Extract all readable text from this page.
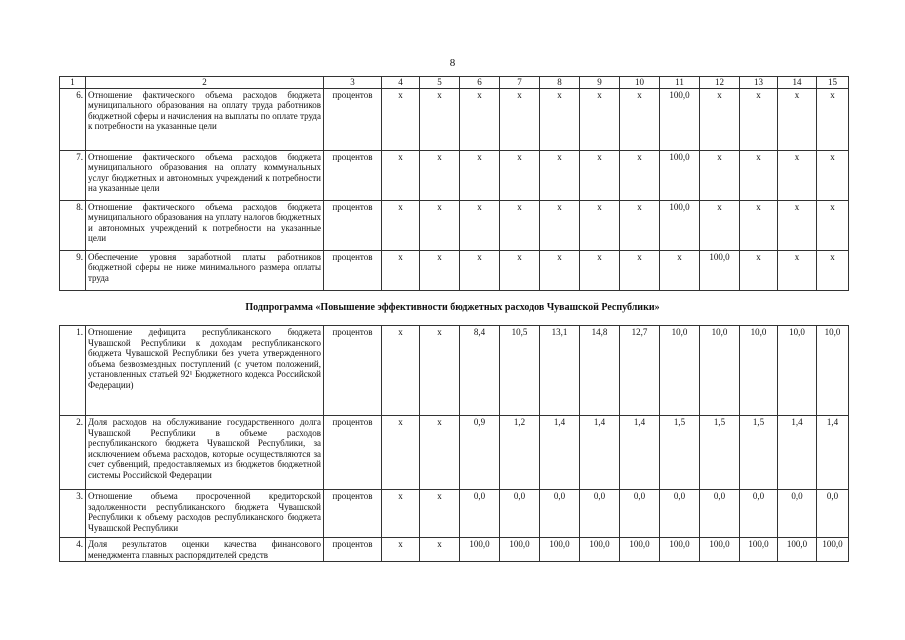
8
1	2	3	4	5	6	7	8	9	10	11	12	13	14	15
6.	Отношение фактического объема расходов бюджета муниципального образования на оплату труда работников бюджетной сферы и начисления на выплаты по оплате труда к потребности на указанные цели	процентов	x	x	x	x	x	x	x	100,0	x	x	x	x
7.	Отношение фактического объема расходов бюджета муниципального образования на оплату коммунальных услуг бюджетных и автономных учреждений к потребности на указанные цели	процентов	x	x	x	x	x	x	x	100,0	x	x	x	x
8.	Отношение фактического объема расходов бюджета муниципального образования на уплату налогов бюджетных и автономных учреждений к потребности на указанные цели	процентов	x	x	x	x	x	x	x	100,0	x	x	x	x
9.	Обеспечение уровня заработной платы работников бюджетной сферы не ниже минимального размера оплаты труда	процентов	x	x	x	x	x	x	x	x	100,0	x	x	x
Подпрограмма «Повышение эффективности бюджетных расходов Чувашской Республики»
1.	Отношение дефицита республиканского бюджета Чувашской Республики к доходам республиканского бюджета Чувашской Республики без учета утвержденного объема безвозмездных поступлений (с учетом положений, установленных статьей 92¹ Бюджетного кодекса Российской Федерации)	процентов	x	x	8,4	10,5	13,1	14,8	12,7	10,0	10,0	10,0	10,0	10,0
2.	Доля расходов на обслуживание государственного долга Чувашской Республики в объеме расходов республиканского бюджета Чувашской Республики, за исключением объема расходов, которые осуществляются за счет субвенций, предоставляемых из бюджетов бюджетной системы Российской Федерации	процентов	x	x	0,9	1,2	1,4	1,4	1,4	1,5	1,5	1,5	1,4	1,4
3.	Отношение объема просроченной кредиторской задолженности республиканского бюджета Чувашской Республики к объему расходов республиканского бюджета Чувашской Республики	процентов	x	x	0,0	0,0	0,0	0,0	0,0	0,0	0,0	0,0	0,0	0,0
4.	Доля результатов оценки качества финансового менеджмента главных распорядителей средств	процентов	x	x	100,0	100,0	100,0	100,0	100,0	100,0	100,0	100,0	100,0	100,0
